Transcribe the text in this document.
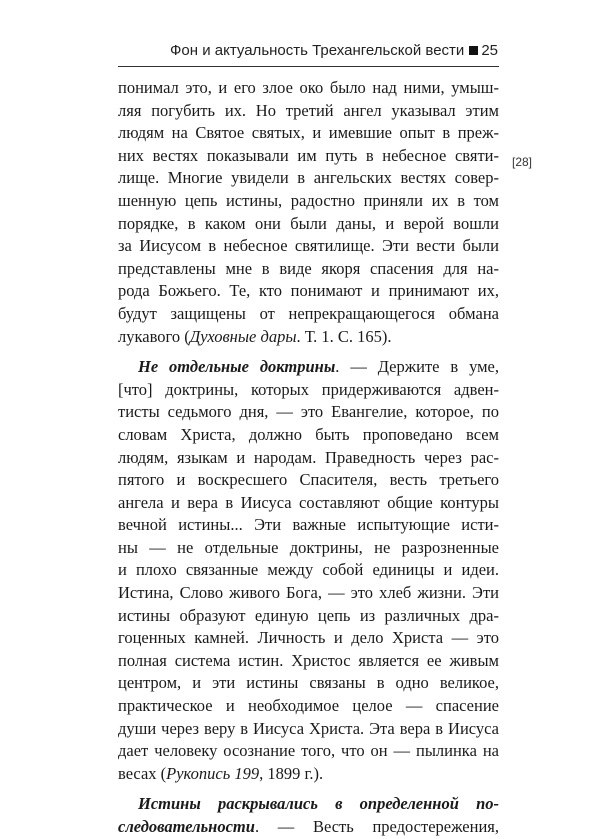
Фон и актуальность Трехангельской вести 25
[28]
понимал это, и его злое око было над ними, умыш-
ляя погубить их. Но третий ангел указывал этим
людям на Святое святых, и имевшие опыт в преж-
них вестях показывали им путь в небесное святи-
лище. Многие увидели в ангельских вестях совер-
шенную цепь истины, радостно приняли их в том
порядке, в каком они были даны, и верой вошли
за Иисусом в небесное святилище. Эти вести были
представлены мне в виде якоря спасения для на-
рода Божьего. Те, кто понимают и принимают их,
будут защищены от непрекращающегося обмана
лукавого (Духовные дары. Т. 1. С. 165).
Не отдельные доктрины. — Держите в уме,
[что] доктрины, которых придерживаются адвен-
тисты седьмого дня, — это Евангелие, которое, по
словам Христа, должно быть проповедано всем
людям, языкам и народам. Праведность через рас-
пятого и воскресшего Спасителя, весть третьего
ангела и вера в Иисуса составляют общие контуры
вечной истины... Эти важные испытующие исти-
ны — не отдельные доктрины, не разрозненные
и плохо связанные между собой единицы и идеи.
Истина, Слово живого Бога, — это хлеб жизни. Эти
истины образуют единую цепь из различных дра-
гоценных камней. Личность и дело Христа — это
полная система истин. Христос является ее живым
центром, и эти истины связаны в одно великое,
практическое и необходимое целое — спасение
души через веру в Иисуса Христа. Эта вера в Иисуса
дает человеку осознание того, что он — пылинка на
весах (Рукопись 199, 1899 г.).
Истины раскрывались в определенной по-
следовательности. — Весть предостережения,
